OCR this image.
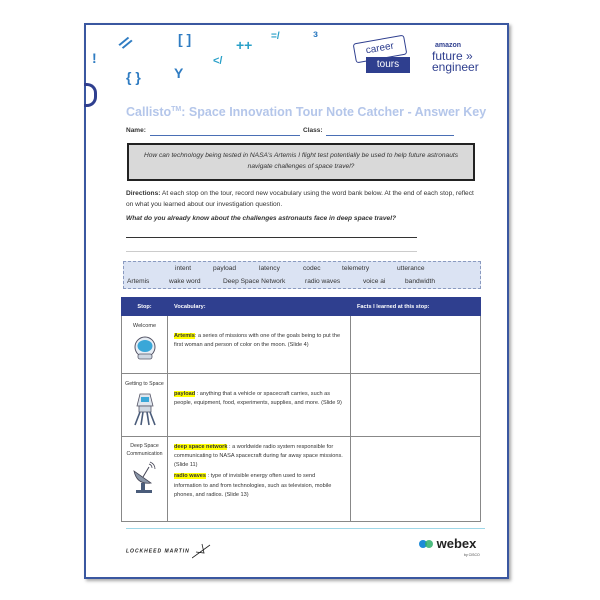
!
//	[ ]	++
</
Y
{ }
=/	ɜ
career
tours
amazon
future »
engineer
Callisto™: Space Innovation Tour Note Catcher - Answer Key
Name:	Class:
How can technology being tested in NASA's Artemis I flight test potentially be used to help future astronauts navigate challenges of space travel?
Directions: At each stop on the tour, record new vocabulary using the word bank below. At the end of each stop, reflect on what you learned about our investigation question.
What do you already know about the challenges astronauts face in deep space travel?
intent	payload	latency	codec	telemetry	utterance
Artemis	wake word	Deep Space Network	radio waves	voice ai	bandwidth
Stop:	Vocabulary:	Facts I learned at this stop:

Welcome	Artemis: a series of missions with one of the goals being to put the first woman and person of color on the moon. (Slide 4)	

Getting to Space	payload : anything that a vehicle or spacecraft carries, such as people, equipment, food, experiments, supplies, and more. (Slide 9)	

Deep Space Communication	deep space network : a worldwide radio system responsible for communicating to NASA spacecraft during far away space missions. (Slide 11)
radio waves : type of invisible energy often used to send information to and from technologies, such as television, mobile phones, and radios. (Slide 13)	

LOCKHEED MARTIN
webex
by CISCO
